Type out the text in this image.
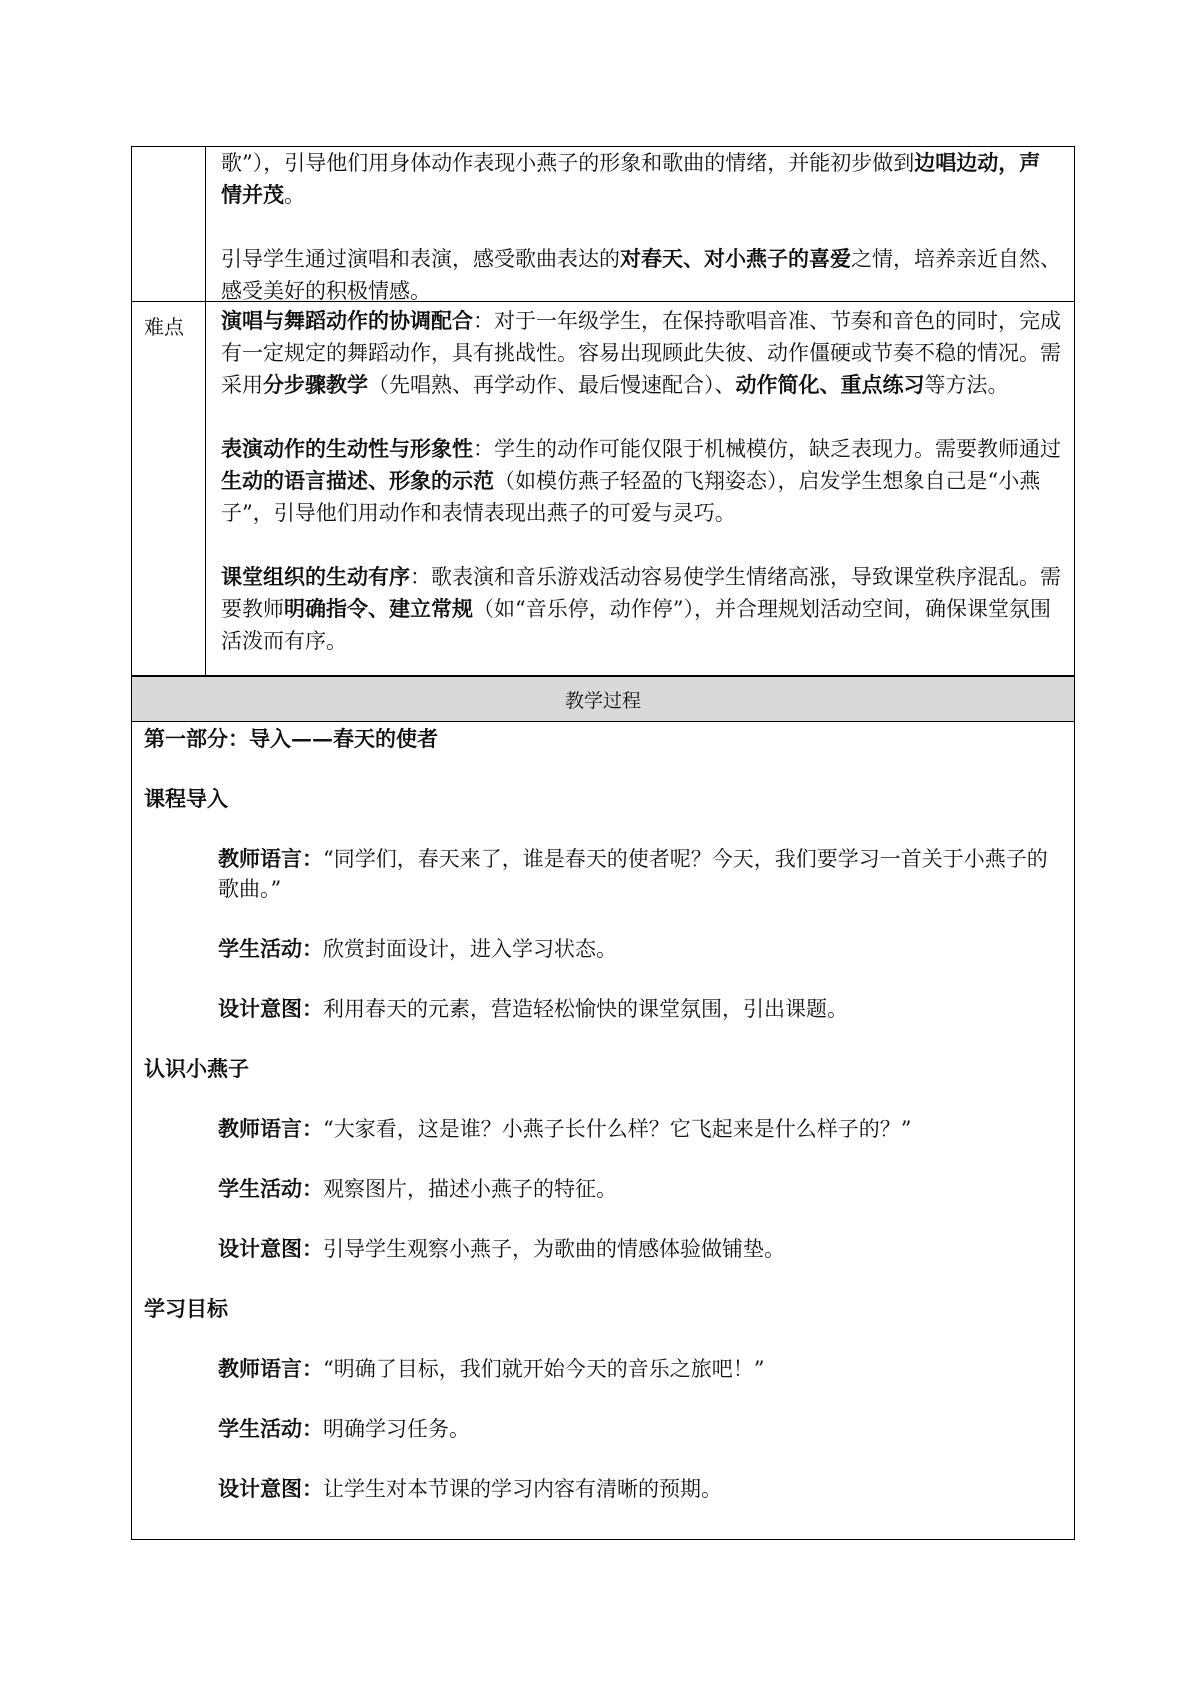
歌”），引导他们用身体动作表现小燕子的形象和歌曲的情绪，并能初步做到边唱边动，声情并茂。

引导学生通过演唱和表演，感受歌曲表达的对春天、对小燕子的喜爱之情，培养亲近自然、感受美好的积极情感。

难点 演唱与舞蹈动作的协调配合：对于一年级学生，在保持歌唱音准、节奏和音色的同时，完成有一定规定的舞蹈动作，具有挑战性。容易出现顾此失彼、动作僵硬或节奏不稳的情况。需采用分步骤教学（先唱熟、再学动作、最后慢速配合）、动作简化、重点练习等方法。

表演动作的生动性与形象性：学生的动作可能仅限于机械模仿，缺乏表现力。需要教师通过生动的语言描述、形象的示范（如模仿燕子轻盈的飞翔姿态），启发学生想象自己是“小燕子”，引导他们用动作和表情表现出燕子的可爱与灵巧。

课堂组织的生动有序：歌表演和音乐游戏活动容易使学生情绪高涨，导致课堂秩序混乱。需要教师明确指令、建立常规（如“音乐停，动作停”），并合理规划活动空间，确保课堂氛围活泼而有序。

教学过程
第一部分：导入——春天的使者
课程导入
教师语言：“同学们，春天来了，谁是春天的使者呢？今天，我们要学习一首关于小燕子的歌曲。”
学生活动：欣赏封面设计，进入学习状态。
设计意图：利用春天的元素，营造轻松愉快的课堂氛围，引出课题。
认识小燕子
教师语言：“大家看，这是谁？小燕子长什么样？它飞起来是什么样子的？”
学生活动：观察图片，描述小燕子的特征。
设计意图：引导学生观察小燕子，为歌曲的情感体验做铺垫。
学习目标
教师语言：“明确了目标，我们就开始今天的音乐之旅吧！”
学生活动：明确学习任务。
设计意图：让学生对本节课的学习内容有清晰的预期。
